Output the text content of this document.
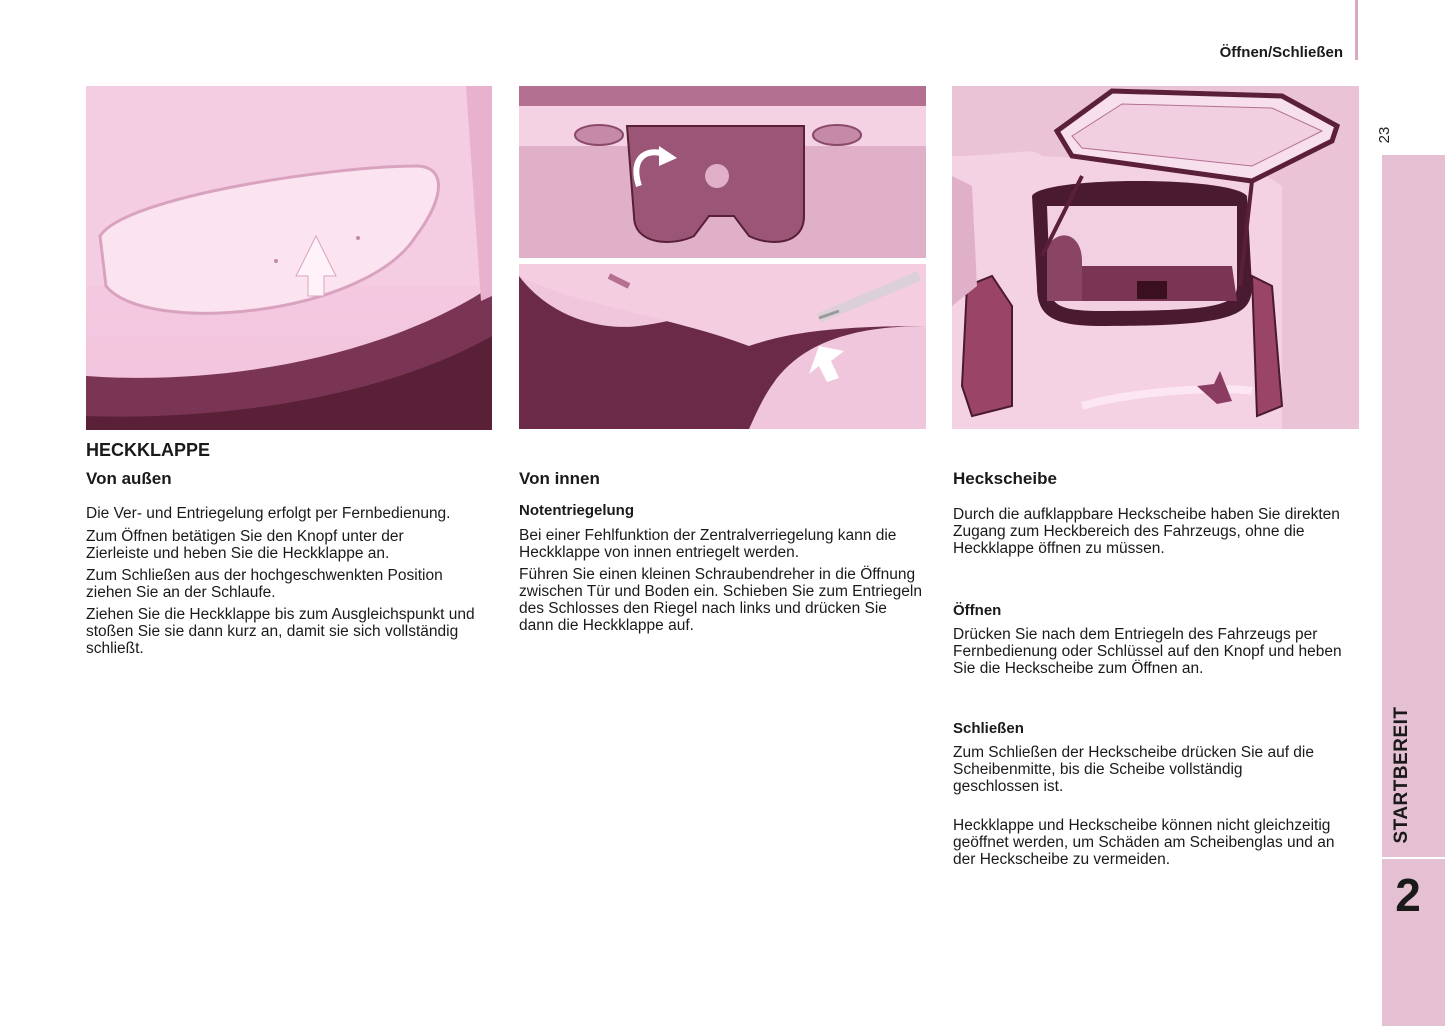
Öffnen/Schließen
23
STARTBEREIT
2
HECKKLAPPE
Von außen

Die Ver- und Entriegelung erfolgt per Fernbedienung.

Zum Öffnen betätigen Sie den Knopf unter der Zierleiste und heben Sie die Heckklappe an.

Zum Schließen aus der hochgeschwenkten Position ziehen Sie an der Schlaufe.

Ziehen Sie die Heckklappe bis zum Ausgleichspunkt und stoßen Sie sie dann kurz an, damit sie sich vollständig schließt.

Von innen
Notentriegelung

Bei einer Fehlfunktion der Zentralverriegelung kann die Heckklappe von innen entriegelt werden.

Führen Sie einen kleinen Schraubendreher in die Öffnung zwischen Tür und Boden ein. Schieben Sie zum Entriegeln des Schlosses den Riegel nach links und drücken Sie dann die Heckklappe auf.

Heckscheibe

Durch die aufklappbare Heckscheibe haben Sie direkten Zugang zum Heckbereich des Fahrzeugs, ohne die Heckklappe öffnen zu müssen.

Öffnen

Drücken Sie nach dem Entriegeln des Fahrzeugs per Fernbedienung oder Schlüssel auf den Knopf und heben Sie die Heckscheibe zum Öffnen an.

Schließen

Zum Schließen der Heckscheibe drücken Sie auf die Scheibenmitte, bis die Scheibe vollständig geschlossen ist.

Heckklappe und Heckscheibe können nicht gleichzeitig geöffnet werden, um Schäden am Scheibenglas und an der Heckscheibe zu vermeiden.
